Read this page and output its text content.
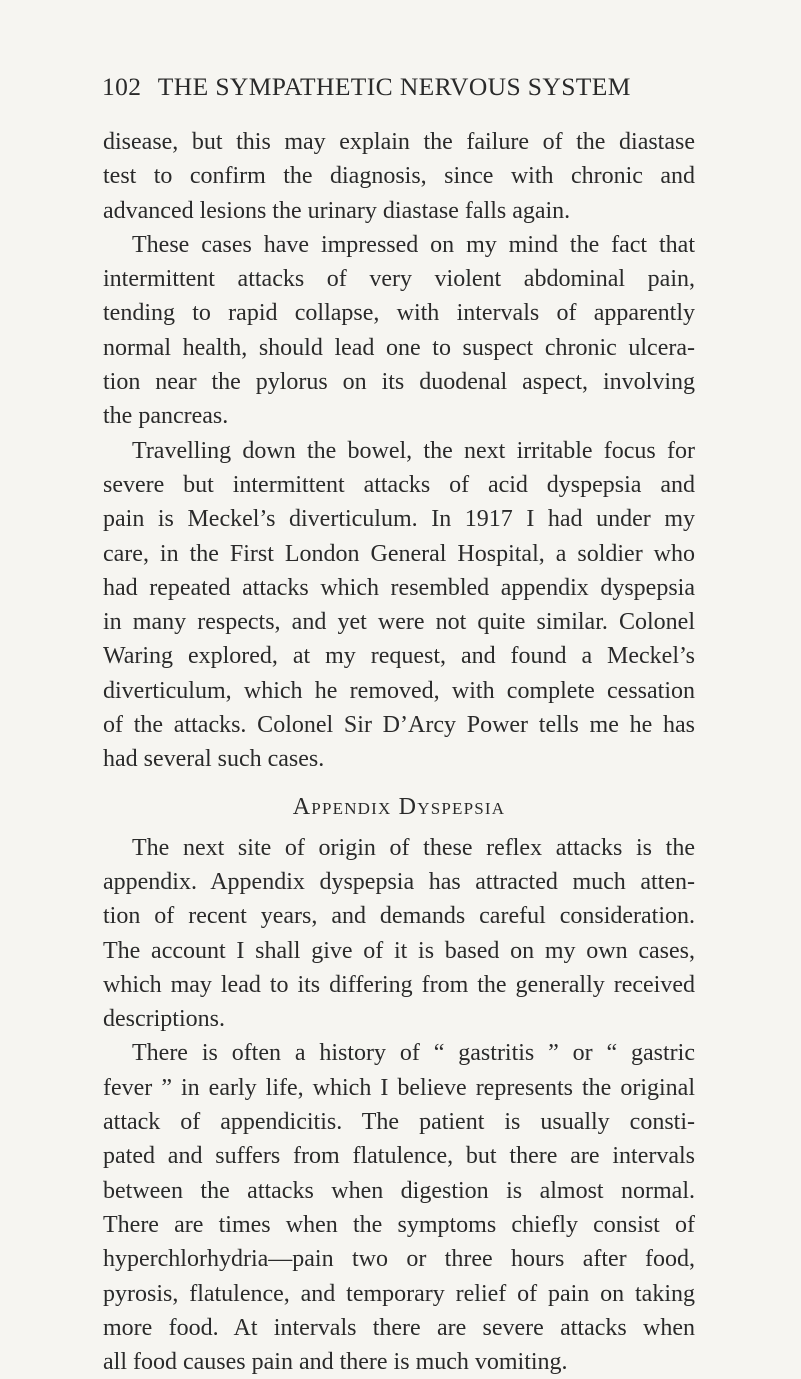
102 THE SYMPATHETIC NERVOUS SYSTEM
disease, but this may explain the failure of the diastase
test to confirm the diagnosis, since with chronic and
advanced lesions the urinary diastase falls again.
These cases have impressed on my mind the fact that
intermittent attacks of very violent abdominal pain,
tending to rapid collapse, with intervals of apparently
normal health, should lead one to suspect chronic ulcera-
tion near the pylorus on its duodenal aspect, involving
the pancreas.
Travelling down the bowel, the next irritable focus for
severe but intermittent attacks of acid dyspepsia and
pain is Meckel’s diverticulum. In 1917 I had under my
care, in the First London General Hospital, a soldier who
had repeated attacks which resembled appendix dyspepsia
in many respects, and yet were not quite similar. Colonel
Waring explored, at my request, and found a Meckel’s
diverticulum, which he removed, with complete cessation
of the attacks. Colonel Sir D’Arcy Power tells me he has
had several such cases.
Appendix Dyspepsia
The next site of origin of these reflex attacks is the
appendix. Appendix dyspepsia has attracted much atten-
tion of recent years, and demands careful consideration.
The account I shall give of it is based on my own cases,
which may lead to its differing from the generally received
descriptions.
There is often a history of “ gastritis ” or “ gastric
fever ” in early life, which I believe represents the original
attack of appendicitis. The patient is usually consti-
pated and suffers from flatulence, but there are intervals
between the attacks when digestion is almost normal.
There are times when the symptoms chiefly consist of
hyperchlorhydria—pain two or three hours after food,
pyrosis, flatulence, and temporary relief of pain on taking
more food. At intervals there are severe attacks when
all food causes pain and there is much vomiting.
